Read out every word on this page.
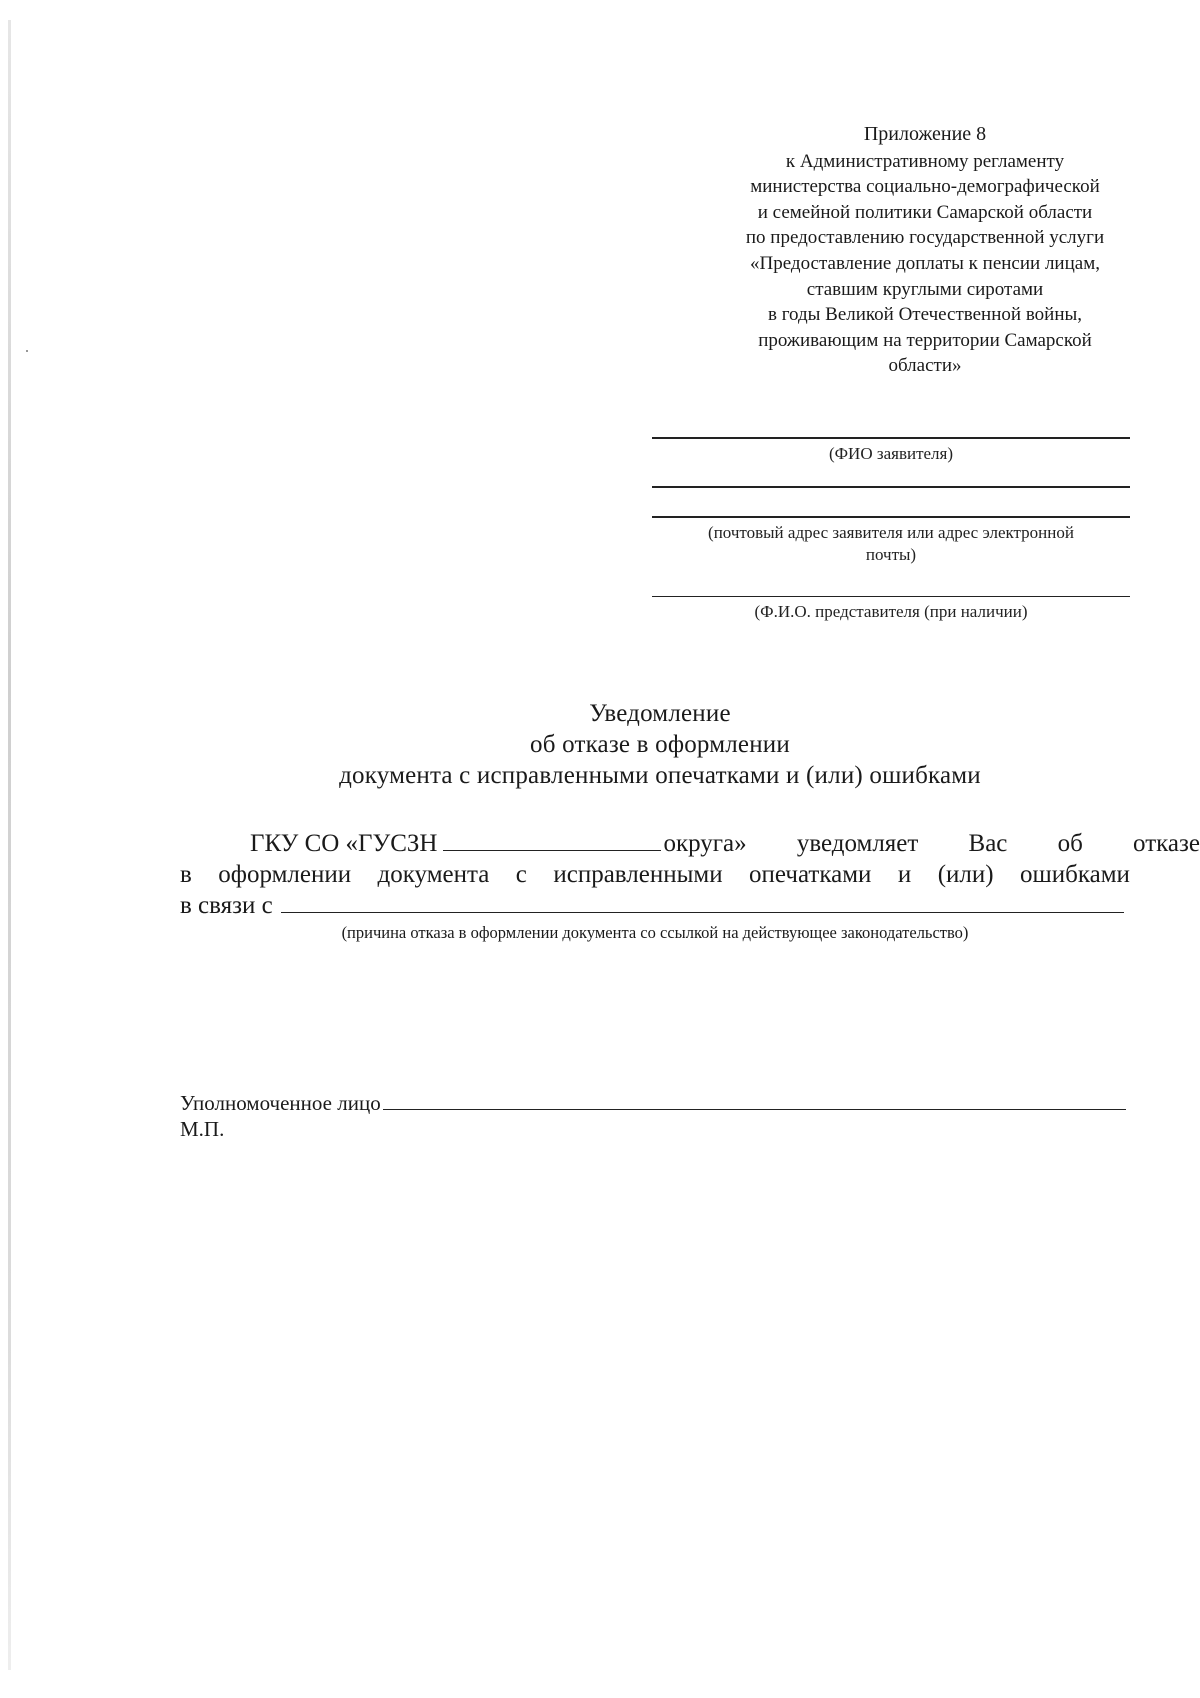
Приложение 8
к Административному регламенту
министерства социально-демографической
и семейной политики Самарской области
по предоставлению государственной услуги
«Предоставление доплаты к пенсии лицам,
ставшим круглыми сиротами
в годы Великой Отечественной войны,
проживающим на территории Самарской
области»
(ФИО заявителя)
(почтовый адрес заявителя или адрес электронной
почты)
(Ф.И.О. представителя (при наличии)
Уведомление
об отказе в оформлении
документа с исправленными опечатками и (или) ошибками
ГКУ СО «ГУСЗН	округа» уведомляет Вас об отказе
в оформлении документа с исправленными опечатками и (или) ошибками
в связи с
(причина отказа в оформлении документа со ссылкой на действующее законодательство)
Уполномоченное лицо
М.П.
